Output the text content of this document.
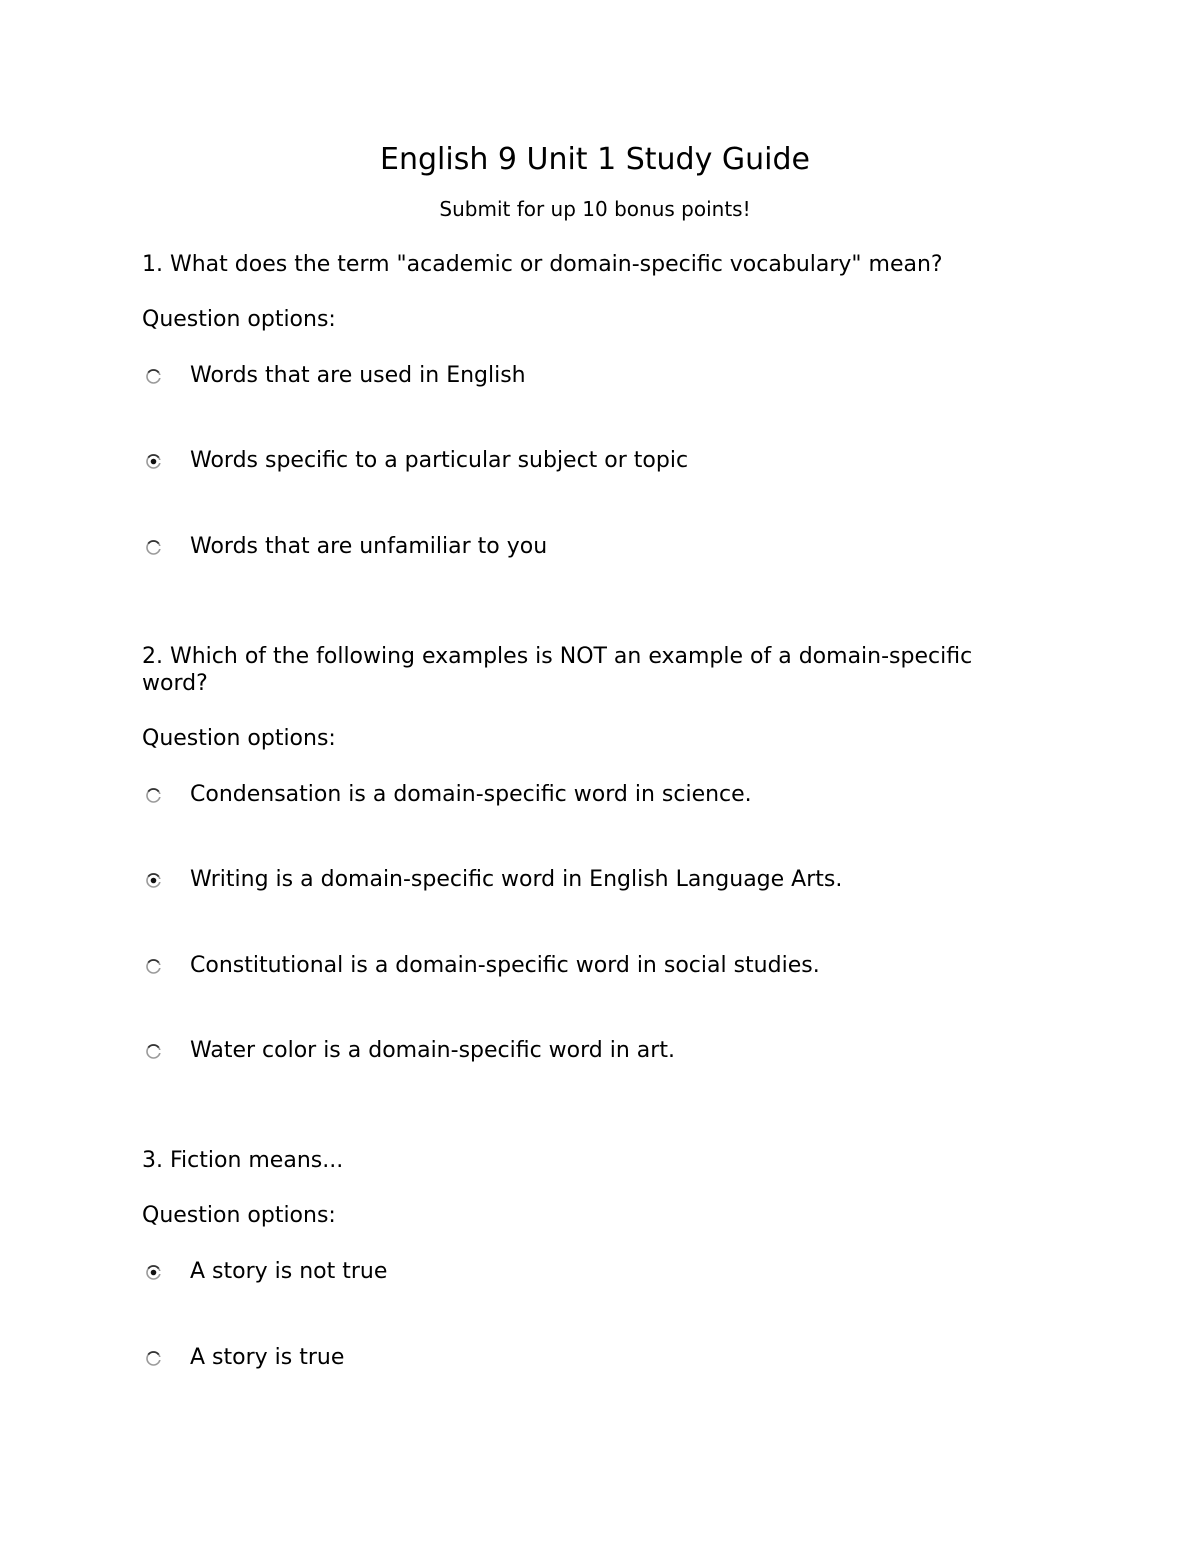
English 9 Unit 1 Study Guide
Submit for up 10 bonus points!
1. What does the term "academic or domain-specific vocabulary" mean?
Question options:
Words that are used in English
Words specific to a particular subject or topic
Words that are unfamiliar to you
2. Which of the following examples is NOT an example of a domain-specific word?
Question options:
Condensation is a domain-specific word in science.
Writing is a domain-specific word in English Language Arts.
Constitutional is a domain-specific word in social studies.
Water color is a domain-specific word in art.
3. Fiction means...
Question options:
A story is not true
A story is true
